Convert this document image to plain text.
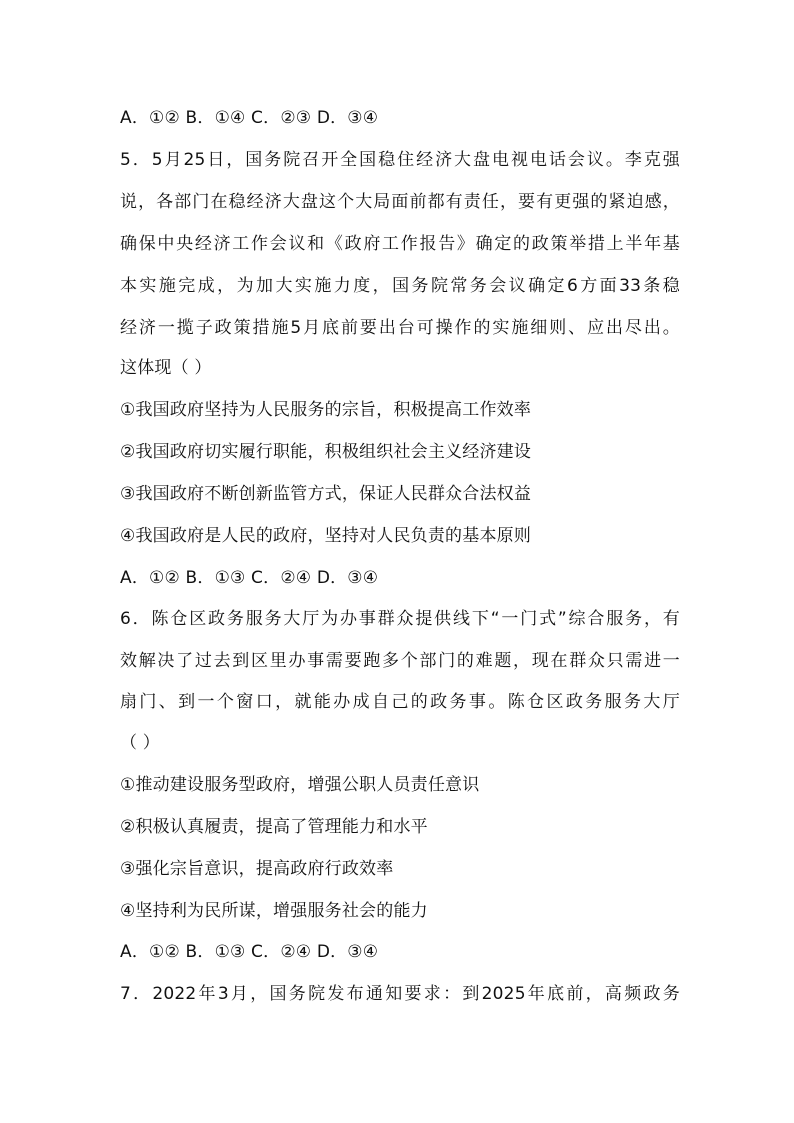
A．①② B．①④ C．②③ D．③④
5．5月25日，国务院召开全国稳住经济大盘电视电话会议。李克强
说，各部门在稳经济大盘这个大局面前都有责任，要有更强的紧迫感，
确保中央经济工作会议和《政府工作报告》确定的政策举措上半年基
本实施完成，为加大实施力度，国务院常务会议确定6方面33条稳
经济一揽子政策措施5月底前要出台可操作的实施细则、应出尽出。
这体现（ ）
①我国政府坚持为人民服务的宗旨，积极提高工作效率
②我国政府切实履行职能，积极组织社会主义经济建设
③我国政府不断创新监管方式，保证人民群众合法权益
④我国政府是人民的政府，坚持对人民负责的基本原则
A．①② B．①③ C．②④ D．③④
6．陈仓区政务服务大厅为办事群众提供线下“一门式”综合服务，有
效解决了过去到区里办事需要跑多个部门的难题，现在群众只需进一
扇门、到一个窗口，就能办成自己的政务事。陈仓区政务服务大厅
（ ）
①推动建设服务型政府，增强公职人员责任意识
②积极认真履责，提高了管理能力和水平
③强化宗旨意识，提高政府行政效率
④坚持利为民所谋，增强服务社会的能力
A．①② B．①③ C．②④ D．③④
7．2022年3月，国务院发布通知要求：到2025年底前，高频政务
